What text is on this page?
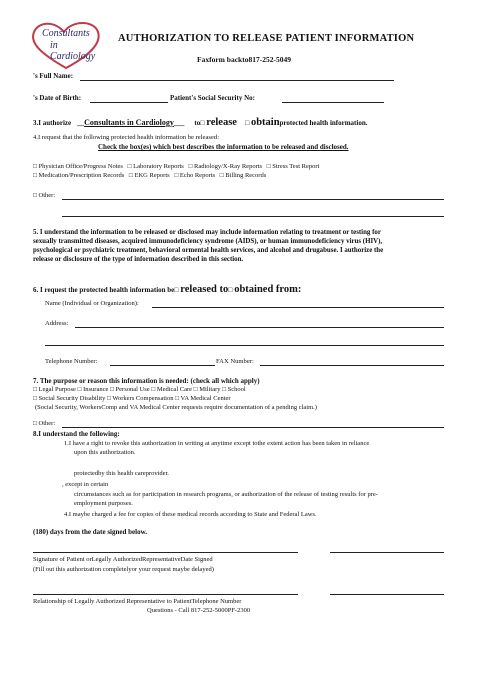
Consultants
in Cardiology
AUTHORIZATION TO RELEASE PATIENT INFORMATION
Faxform backto817-252-5049
's Full Name:
's Date of Birth:	Patient's Social Security No:
3.I authorize __Consultants in Cardiology___ to□ release □ obtainprotected health information.
4.I request that the following protected health information be released:
Check the box(es) which best describes the information to be released and disclosed.
□ Physician Office/Progress Notes □ Laboratory Reports □ Radiology/X-Ray Reports □ Stress Test Report
□ Medication/Prescription Records □ EKG Reports □ Echo Reports □ Billing Records
□ Other:
5. I understand the information to be released or disclosed may include information relating to treatment or testing for
sexually transmitted diseases, acquired immunodeficiency syndrome (AIDS), or human immunodeficiency virus (HIV),
psychological or psychiatric treatment, behavioral ormental health services, and alcohol and drugabuse. I authorize the
release or disclosure of the type of information described in this section.
6. I request the protected health information be□ released to□ obtained from:
Name (Individual or Organization):
Address:
Telephone Number:	FAX Number:
7. The purpose or reason this information is needed: (check all which apply)
□ Legal Purpose □ Insurance □ Personal Use □ Medical Care □ Military □ School
□ Social Security Disability □ Workers Compensation □ VA Medical Center
(Social Security, WorkersComp and VA Medical Center requests require documentation of a pending claim.)
□ Other:
8.I understand the following:
1.I have a right to revoke this authorization in writing at anytime except tothe extent action has been taken in reliance
upon this authorization.
protectedby this health careprovider.
, except in certain
circumstances such as for participation in research programs, or authorization of the release of testing results for pre-
employment purposes.
4.I maybe charged a fee for copies of these medical records according to State and Federal Laws.
(180) days from the date signed below.
Signature of Patient orLegally AuthorizedRepresentativeDate Signed
(Fill out this authorization completelyor your request maybe delayed)
Relationship of Legally Authorized Representative to PatientTelephone Number
Questions - Call 817-252-5000PF-2300
